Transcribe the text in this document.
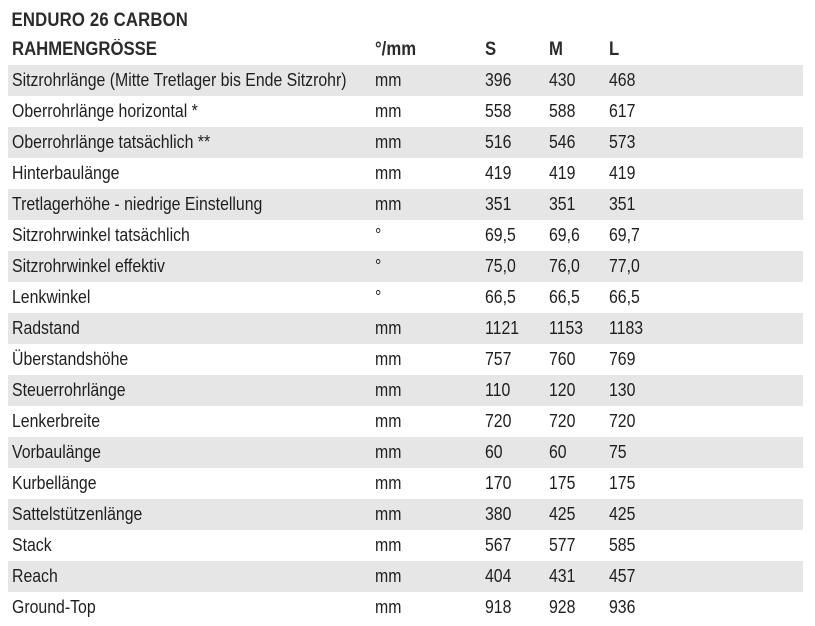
ENDURO 26 CARBON
RAHMENGRÖSSE	°/mm	S	M	L
Sitzrohrlänge (Mitte Tretlager bis Ende Sitzrohr)	mm	396	430	468
Oberrohrlänge horizontal *	mm	558	588	617
Oberrohrlänge tatsächlich **	mm	516	546	573
Hinterbaulänge	mm	419	419	419
Tretlagerhöhe - niedrige Einstellung	mm	351	351	351
Sitzrohrwinkel tatsächlich	°	69,5	69,6	69,7
Sitzrohrwinkel effektiv	°	75,0	76,0	77,0
Lenkwinkel	°	66,5	66,5	66,5
Radstand	mm	1121	1153	1183
Überstandshöhe	mm	757	760	769
Steuerrohrlänge	mm	110	120	130
Lenkerbreite	mm	720	720	720
Vorbaulänge	mm	60	60	75
Kurbellänge	mm	170	175	175
Sattelstützenlänge	mm	380	425	425
Stack	mm	567	577	585
Reach	mm	404	431	457
Ground-Top	mm	918	928	936
